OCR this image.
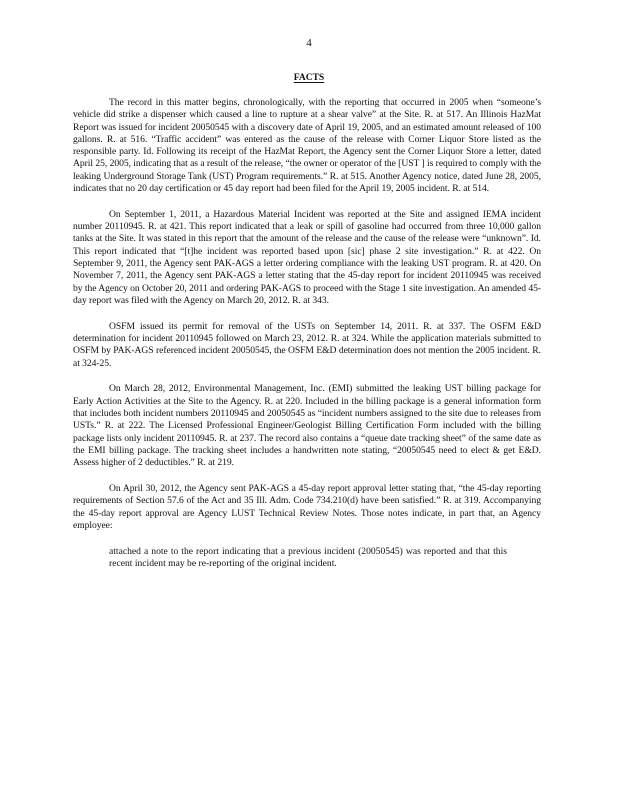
4
FACTS

The record in this matter begins, chronologically, with the reporting that occurred in 2005 when “someone’s vehicle did strike a dispenser which caused a line to rupture at a shear valve” at the Site. R. at 517. An Illinois HazMat Report was issued for incident 20050545 with a discovery date of April 19, 2005, and an estimated amount released of 100 gallons. R. at 516. “Traffic accident” was entered as the cause of the release with Corner Liquor Store listed as the responsible party. Id. Following its receipt of the HazMat Report, the Agency sent the Corner Liquor Store a letter, dated April 25, 2005, indicating that as a result of the release, “the owner or operator of the [UST ] is required to comply with the leaking Underground Storage Tank (UST) Program requirements.” R. at 515. Another Agency notice, dated June 28, 2005, indicates that no 20 day certification or 45 day report had been filed for the April 19, 2005 incident. R. at 514.

On September 1, 2011, a Hazardous Material Incident was reported at the Site and assigned IEMA incident number 20110945. R. at 421. This report indicated that a leak or spill of gasoline had occurred from three 10,000 gallon tanks at the Site. It was stated in this report that the amount of the release and the cause of the release were “unknown”. Id. This report indicated that “[t]he incident was reported based upon [sic] phase 2 site investigation.” R. at 422. On September 9, 2011, the Agency sent PAK-AGS a letter ordering compliance with the leaking UST program. R. at 420. On November 7, 2011, the Agency sent PAK-AGS a letter stating that the 45-day report for incident 20110945 was received by the Agency on October 20, 2011 and ordering PAK-AGS to proceed with the Stage 1 site investigation. An amended 45-day report was filed with the Agency on March 20, 2012. R. at 343.

OSFM issued its permit for removal of the USTs on September 14, 2011. R. at 337. The OSFM E&D determination for incident 20110945 followed on March 23, 2012. R. at 324. While the application materials submitted to OSFM by PAK-AGS referenced incident 20050545, the OSFM E&D determination does not mention the 2005 incident. R. at 324-25.

On March 28, 2012, Environmental Management, Inc. (EMI) submitted the leaking UST billing package for Early Action Activities at the Site to the Agency. R. at 220. Included in the billing package is a general information form that includes both incident numbers 20110945 and 20050545 as “incident numbers assigned to the site due to releases from USTs.” R. at 222. The Licensed Professional Engineer/Geologist Billing Certification Form included with the billing package lists only incident 20110945. R. at 237. The record also contains a “queue date tracking sheet” of the same date as the EMI billing package. The tracking sheet includes a handwritten note stating, “20050545 need to elect & get E&D. Assess higher of 2 deductibles.” R. at 219.

On April 30, 2012, the Agency sent PAK-AGS a 45-day report approval letter stating that, “the 45-day reporting requirements of Section 57.6 of the Act and 35 Ill. Adm. Code 734.210(d) have been satisfied.” R. at 319. Accompanying the 45-day report approval are Agency LUST Technical Review Notes. Those notes indicate, in part that, an Agency employee:

attached a note to the report indicating that a previous incident (20050545) was reported and that this recent incident may be re-reporting of the original incident.
